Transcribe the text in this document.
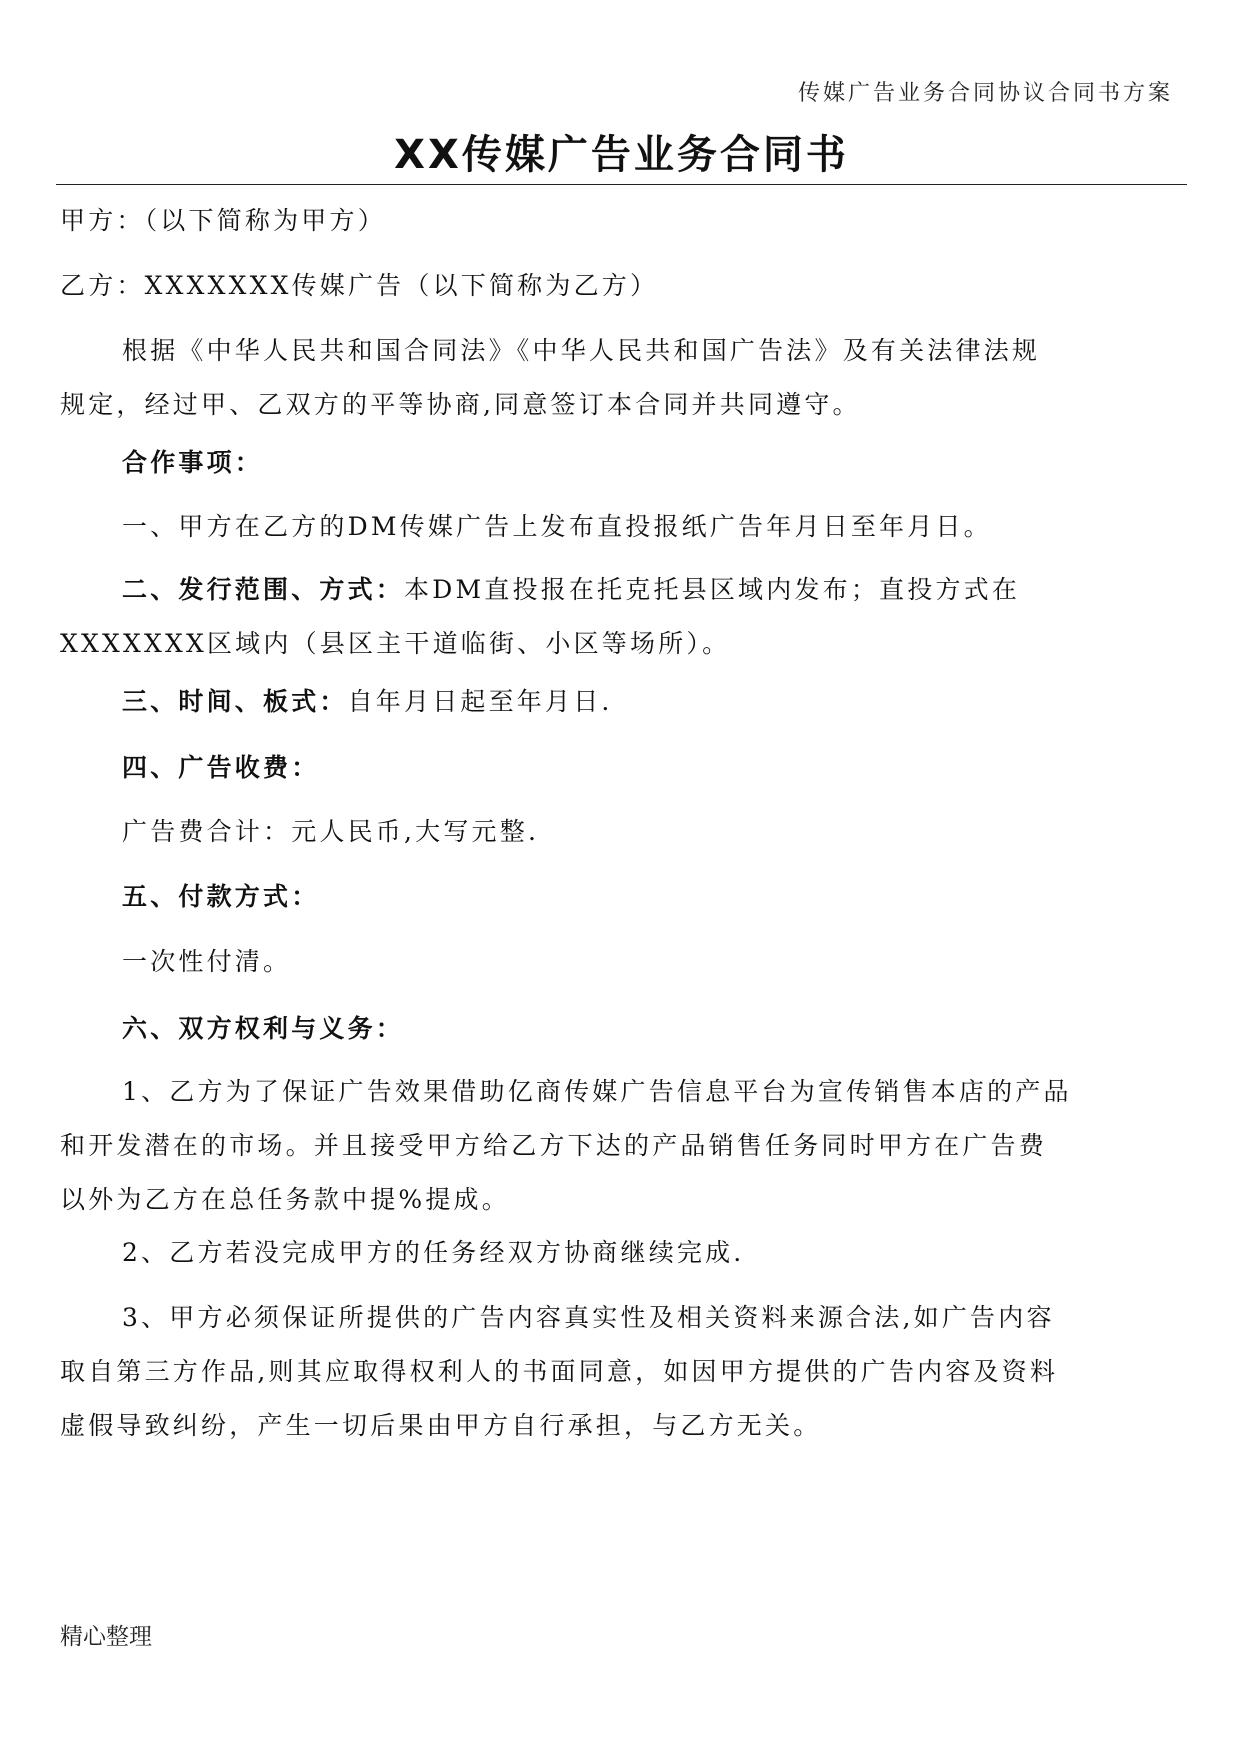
传媒广告业务合同协议合同书方案
XX传媒广告业务合同书
甲方：（以下简称为甲方）
乙方：XXXXXXX传媒广告（以下简称为乙方）
根据《中华人民共和国合同法》《中华人民共和国广告法》及有关法律法规
规定，经过甲、乙双方的平等协商,同意签订本合同并共同遵守。
合作事项：
一、甲方在乙方的DM传媒广告上发布直投报纸广告年月日至年月日。
二、发行范围、方式：本DM直投报在托克托县区域内发布；直投方式在
XXXXXXX区域内（县区主干道临街、小区等场所）。
三、时间、板式：自年月日起至年月日.
四、广告收费：
广告费合计：元人民币,大写元整.
五、付款方式：
一次性付清。
六、双方权利与义务：
1、乙方为了保证广告效果借助亿商传媒广告信息平台为宣传销售本店的产品
和开发潜在的市场。并且接受甲方给乙方下达的产品销售任务同时甲方在广告费
以外为乙方在总任务款中提%提成。
2、乙方若没完成甲方的任务经双方协商继续完成.
3、甲方必须保证所提供的广告内容真实性及相关资料来源合法,如广告内容
取自第三方作品,则其应取得权利人的书面同意，如因甲方提供的广告内容及资料
虚假导致纠纷，产生一切后果由甲方自行承担，与乙方无关。
精心整理
